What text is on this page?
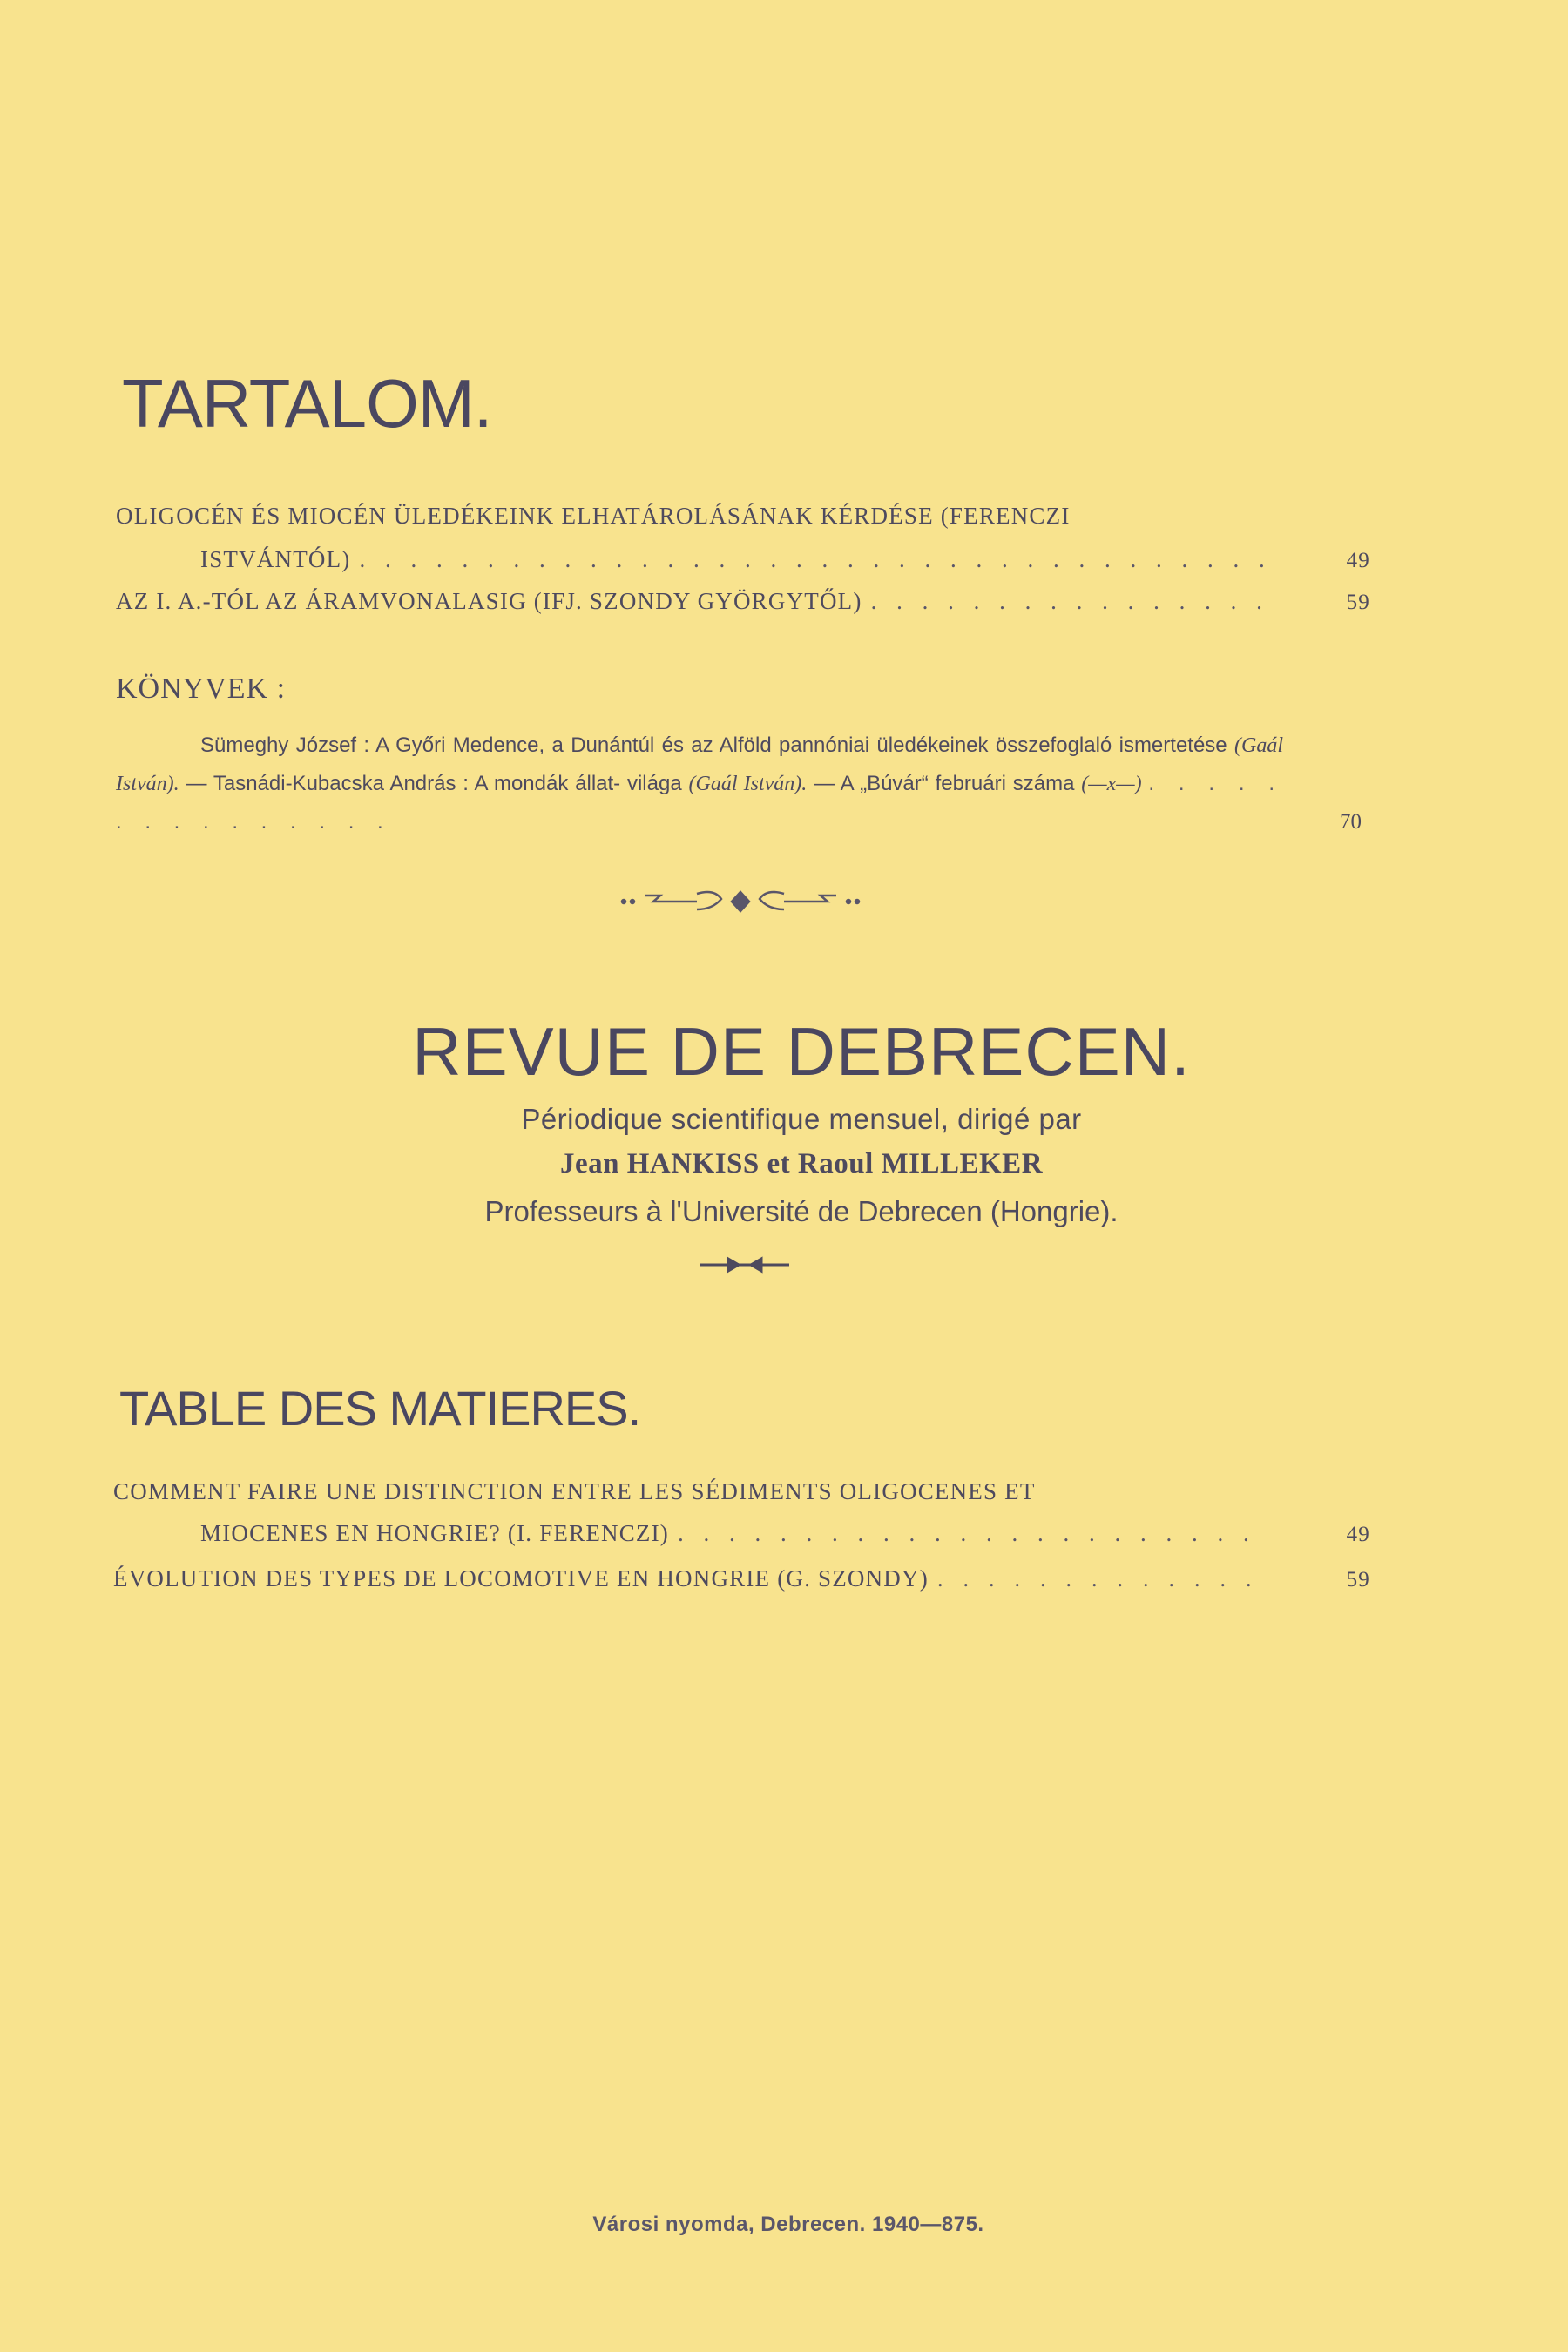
TARTALOM.
OLIGOCÉN ÉS MIOCÉN ÜLEDÉKEINK ELHATÁROLÁSÁNAK KÉRDÉSE (FERENCZI
ISTVÁNTÓL) . . .	49
AZ I. A.-TÓL AZ ÁRAMVONALASIG (IFJ. SZONDY GYÖRGYTŐL) . . .	59
KÖNYVEK :
Sümeghy József : A Győri Medence, a Dunántúl és az Alföld pannóniai üledékeinek összefoglaló ismertetése (Gaál István). — Tasnádi-Kubacska András : A mondák állat- világa (Gaál István). — A „Búvár“ februári száma (—x—) . . . . . . . . . . . . . . .	70
REVUE DE DEBRECEN.
Périodique scientifique mensuel, dirigé par
Jean HANKISS et Raoul MILLEKER
Professeurs à l'Université de Debrecen (Hongrie).
TABLE DES MATIERES.
COMMENT FAIRE UNE DISTINCTION ENTRE LES SÉDIMENTS OLIGOCENES ET
MIOCENES EN HONGRIE? (I. FERENCZI) . . .	49
ÉVOLUTION DES TYPES DE LOCOMOTIVE EN HONGRIE (G. SZONDY) . . .	59
Városi nyomda, Debrecen. 1940—875.
